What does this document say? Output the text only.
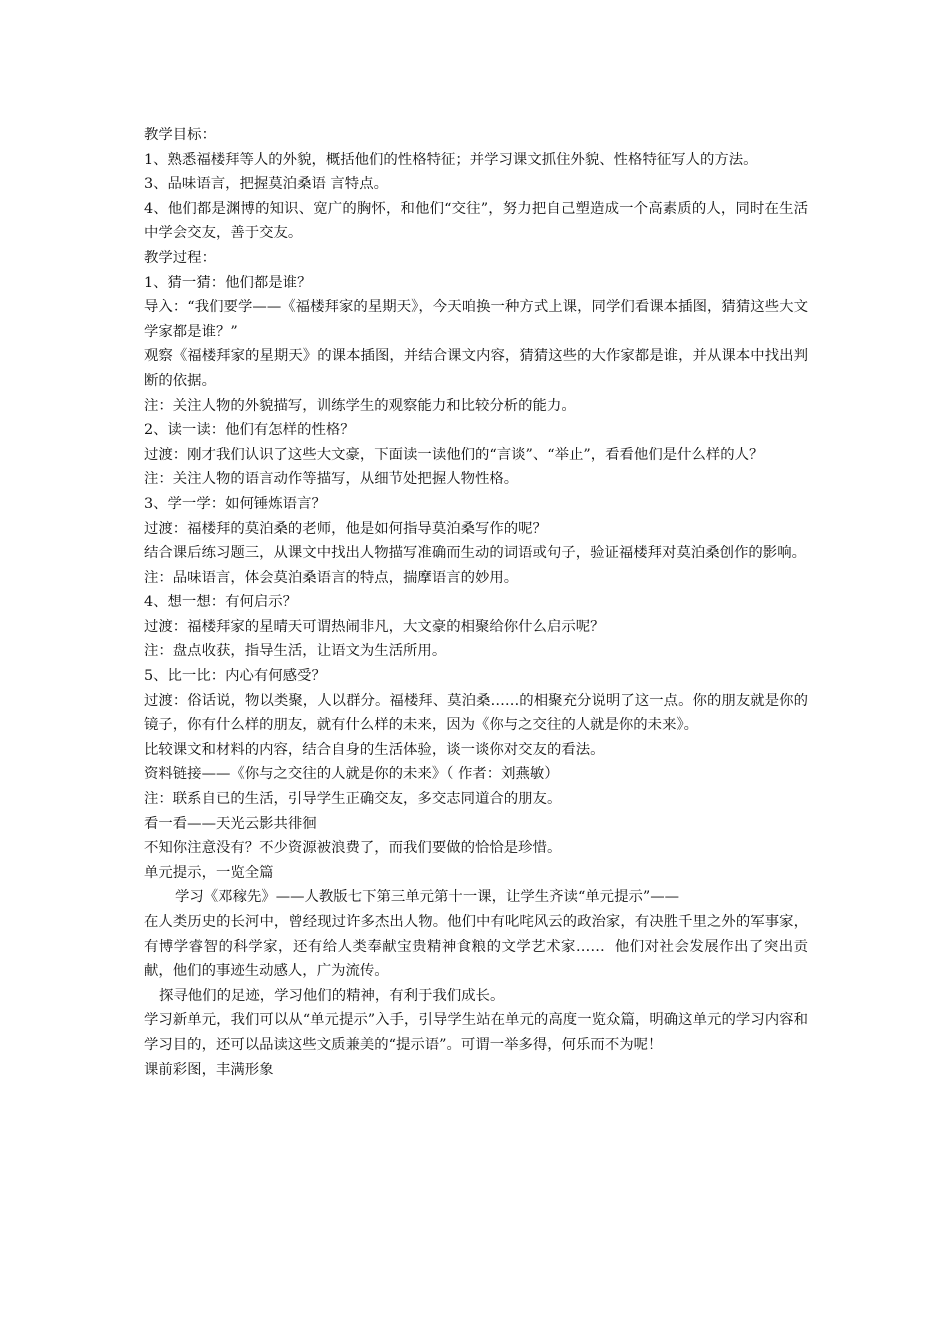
教学目标：
1、熟悉福楼拜等人的外貌，概括他们的性格特征；并学习课文抓住外貌、性格特征写人的方法。
3、品味语言，把握莫泊桑语 言特点。
4、他们都是渊博的知识、宽广的胸怀，和他们“交往”，努力把自己塑造成一个高素质的人，同时在生活中学会交友，善于交友。
教学过程：
1、猜一猜：他们都是谁？
导入：“我们要学——《福楼拜家的星期天》，今天咱换一种方式上课，同学们看课本插图，猜猜这些大文学家都是谁？”
观察《福楼拜家的星期天》的课本插图，并结合课文内容，猜猜这些的大作家都是谁，并从课本中找出判断的依据。
注：关注人物的外貌描写，训练学生的观察能力和比较分析的能力。
2、读一读：他们有怎样的性格？
过渡：刚才我们认识了这些大文豪，下面读一读他们的“言谈”、“举止”，看看他们是什么样的人？
注：关注人物的语言动作等描写，从细节处把握人物性格。
3、学一学：如何锤炼语言？
过渡：福楼拜的莫泊桑的老师，他是如何指导莫泊桑写作的呢？
结合课后练习题三，从课文中找出人物描写准确而生动的词语或句子，验证福楼拜对莫泊桑创作的影响。
注：品味语言，体会莫泊桑语言的特点，揣摩语言的妙用。
4、想一想：有何启示？
过渡：福楼拜家的星晴天可谓热闹非凡，大文豪的相聚给你什么启示呢？
注：盘点收获，指导生活，让语文为生活所用。
5、比一比：内心有何感受？
过渡：俗话说，物以类聚，人以群分。福楼拜、莫泊桑……的相聚充分说明了这一点。你的朋友就是你的镜子，你有什么样的朋友，就有什么样的未来，因为《你与之交往的人就是你的未来》。
比较课文和材料的内容，结合自身的生活体验，谈一谈你对交友的看法。
资料链接——《你与之交往的人就是你的未来》（ 作者：刘燕敏）
注：联系自已的生活，引导学生正确交友，多交志同道合的朋友。
看一看——天光云影共徘徊
不知你注意没有？不少资源被浪费了，而我们要做的恰恰是珍惜。
单元提示，一览全篇
学习《邓稼先》——人教版七下第三单元第十一课，让学生齐读“单元提示”——
在人类历史的长河中，曾经现过许多杰出人物。他们中有叱咤风云的政治家，有决胜千里之外的军事家，有博学睿智的科学家，还有给人类奉献宝贵精神食粮的文学艺术家……  他们对社会发展作出了突出贡献，他们的事迹生动感人，广为流传。
探寻他们的足迹，学习他们的精神，有利于我们成长。
学习新单元，我们可以从“单元提示”入手，引导学生站在单元的高度一览众篇，明确这单元的学习内容和学习目的，还可以品读这些文质兼美的“提示语”。可谓一举多得，何乐而不为呢！
课前彩图，丰满形象
